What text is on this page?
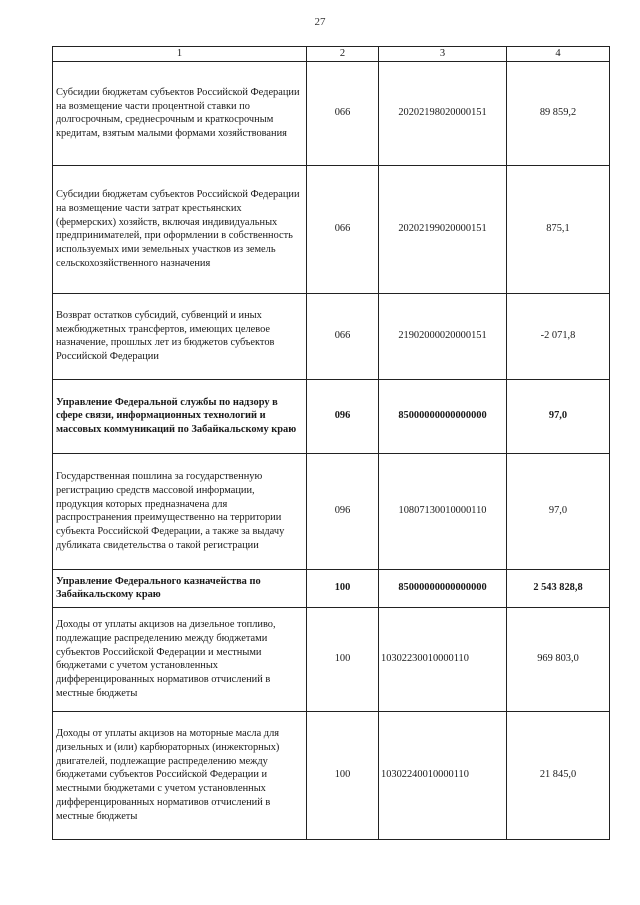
27
1	2	3	4
Субсидии бюджетам субъектов Российской Федерации на возмещение части процентной ставки по долгосрочным, среднесрочным и краткосрочным кредитам, взятым малыми формами хозяйствования	066	20202198020000151	89 859,2
Субсидии бюджетам субъектов Российской Федерации на возмещение части затрат крестьянских (фермерских) хозяйств, включая индивидуальных предпринимателей, при оформлении в собственность используемых ими земельных участков из земель сельскохозяйственного назначения	066	20202199020000151	875,1
Возврат остатков субсидий, субвенций и иных межбюджетных трансфертов, имеющих целевое назначение, прошлых лет из бюджетов субъектов Российской Федерации	066	21902000020000151	-2 071,8
Управление Федеральной службы по надзору в сфере связи, информационных технологий и массовых коммуникаций по Забайкальскому краю	096	85000000000000000	97,0
Государственная пошлина за государственную регистрацию средств массовой информации, продукция которых предназначена для распространения преимущественно на территории субъекта Российской Федерации, а также за выдачу дубликата свидетельства о такой регистрации	096	10807130010000110	97,0
Управление Федерального казначейства по Забайкальскому краю	100	85000000000000000	2 543 828,8
Доходы от уплаты акцизов на дизельное топливо, подлежащие распределению между бюджетами субъектов Российской Федерации и местными бюджетами с учетом установленных дифференцированных нормативов отчислений в местные бюджеты	100	10302230010000110	969 803,0
Доходы от уплаты акцизов на моторные масла для дизельных и (или) карбюраторных (инжекторных) двигателей, подлежащие распределению между бюджетами субъектов Российской Федерации и местными бюджетами с учетом установленных дифференцированных нормативов отчислений в местные бюджеты	100	10302240010000110	21 845,0
